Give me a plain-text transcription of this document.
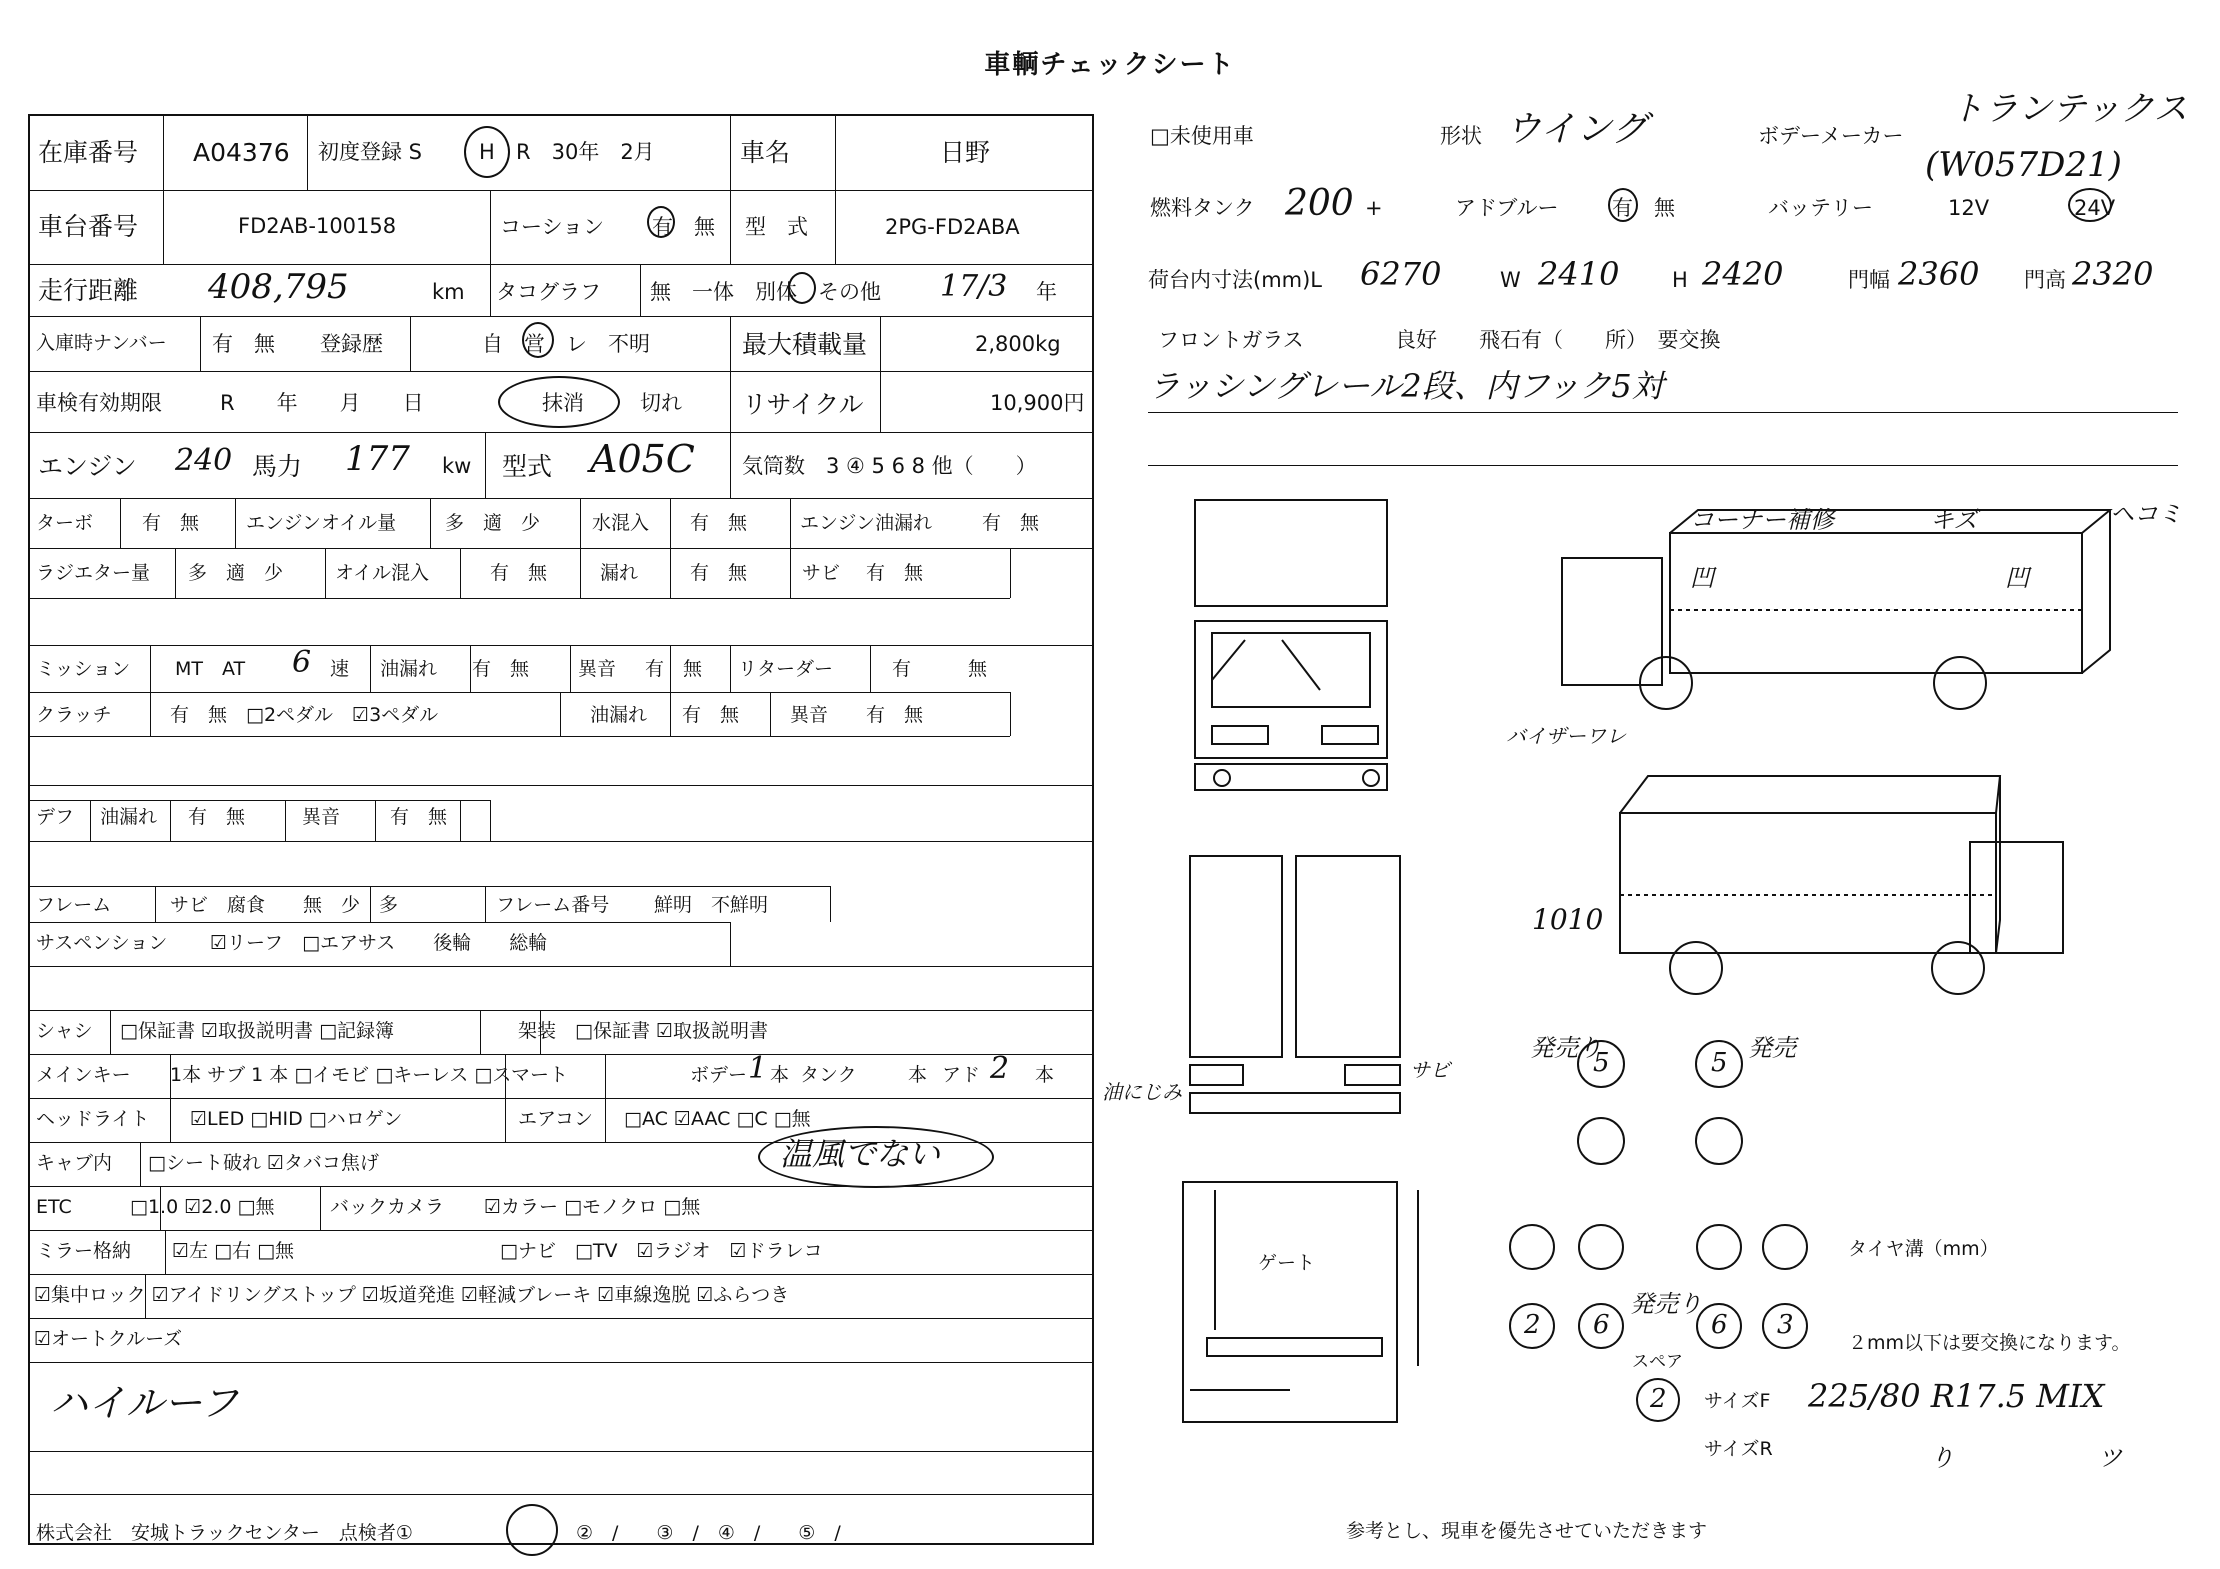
車輌チェックシート
在庫番号 A04376 初度登録 S	H R　30年　2月	車名	日野
車台番号	FD2AB-100158	コーション 有　無 型　式	2PG-FD2ABA
走行距離 408,795	km タコグラフ 無　一体　別体　その他 17/3 年
入庫時ナンバー 有　無 登録歴	自　営　レ　不明	最大積載量	2,800kg
車検有効期限	R　　年　　月　　日	抹消	切れ リサイクル	10,900円
エンジン 240 馬力 177 kw 型式 A05C 気筒数　3 ④ 5 6 8 他（　　）
ターボ	有　無 エンジンオイル量	多　適　少	水混入 有　無	エンジン油漏れ	有　無
ラジエター量 多　適　少	オイル混入	有　無	漏れ	有　無	サビ 有　無
ミッション MT　AT 6 速 油漏れ 有　無	異音 有　無 リターダー	有　　　無
クラッチ	有　無　□2ペダル　☑3ペダル	油漏れ 有　無	異音 有　無
デフ 油漏れ 有　無	異音	有　無
フレーム	サビ　腐食　　無　少　多	フレーム番号 鮮明　不鮮明
サスペンション ☑リーフ　□エアサス　　後輪　　総輪
シャシ □保証書 ☑取扱説明書 □記録簿	架装 □保証書 ☑取扱説明書
メインキー 1本 サブ 1 本 □イモビ □キーレス □スマート	ボデー 1 本 タンク	本 アド 2 本
ヘッドライト ☑LED □HID □ハロゲン	エアコン □AC ☑AAC □C □無
キャブ内 □シート破れ ☑タバコ焦げ	温風でない
ETC	□1.0 ☑2.0 □無	バックカメラ ☑カラー □モノクロ □無
ミラー格納 ☑左 □右 □無	□ナビ　□TV　☑ラジオ　☑ドラレコ
☑集中ロック ☑アイドリングストップ ☑坂道発進 ☑軽減ブレーキ ☑車線逸脱 ☑ふらつき
☑オートクルーズ
ハイルーフ
株式会社　安城トラックセンター　点検者①	②　/　　③　/　④　/　　⑤　/
□未使用車	形状 ウイング	ボデーメーカー
トランテックス
(W057D21)
燃料タンク 200 +	アドブルー	有　無	バッテリー	12V	24V
荷台内寸法(mm)L 6270	W 2410	H 2420	門幅 2360 門高 2320
フロントガラス	良好　　飛石有（　　所）　要交換
ラッシングレール2段、内フック5対
コーナー補修	キズ	ヘコミ
凹
バイザーワレ
凹
1010
油にじみ
サビ
ゲート
5	5
発売り	発売
タイヤ溝（mm）
2 6	6 3
発売り
２mm以下は要交換になります。
スペア
2 サイズF 225/80 R17.5 MIX
サイズR	り　　　　　　ツ
参考とし、現車を優先させていただきます
